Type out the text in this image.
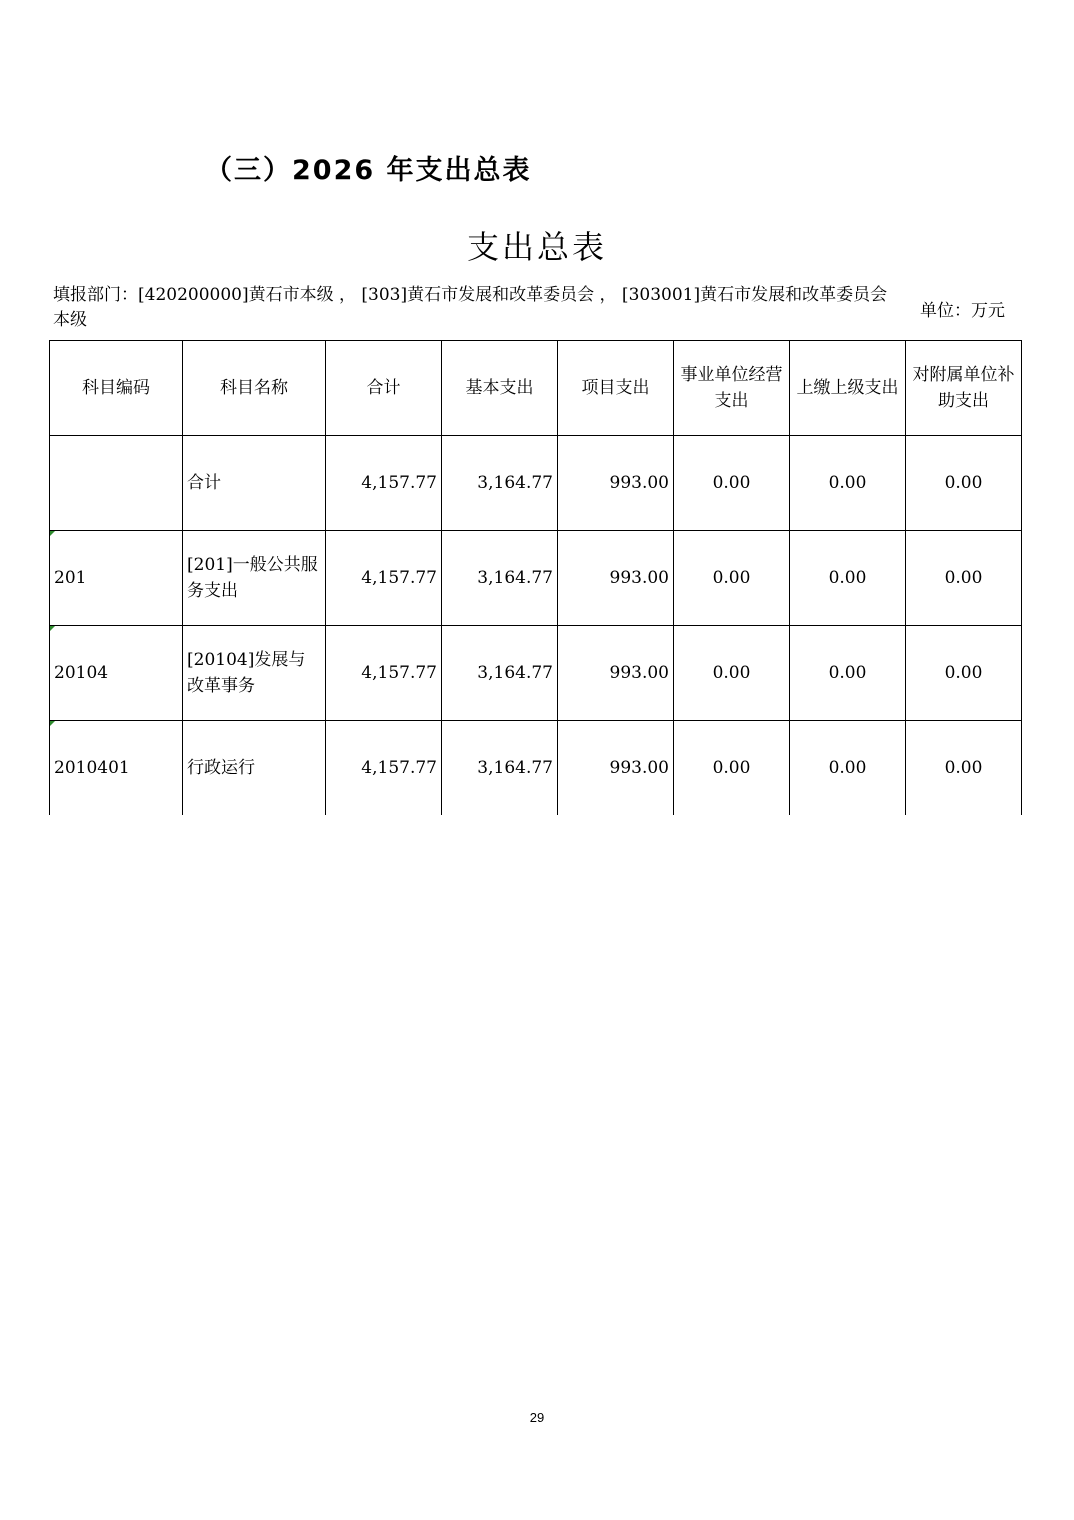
（三）2026 年支出总表
支出总表
填报部门：[420200000]黄石市本级 ， [303]黄石市发展和改革委员会 ， [303001]黄石市发展和改革委员会本级	单位：万元
科目编码	科目名称	合计	基本支出	项目支出	事业单位经营支出	上缴上级支出	对附属单位补助支出
	合计	4,157.77	3,164.77	993.00	0.00	0.00	0.00

201	[201]一般公共服务支出	4,157.77	3,164.77	993.00	0.00	0.00	0.00

20104	[20104]发展与改革事务	4,157.77	3,164.77	993.00	0.00	0.00	0.00

2010401	行政运行	4,157.77	3,164.77	993.00	0.00	0.00	0.00
29
